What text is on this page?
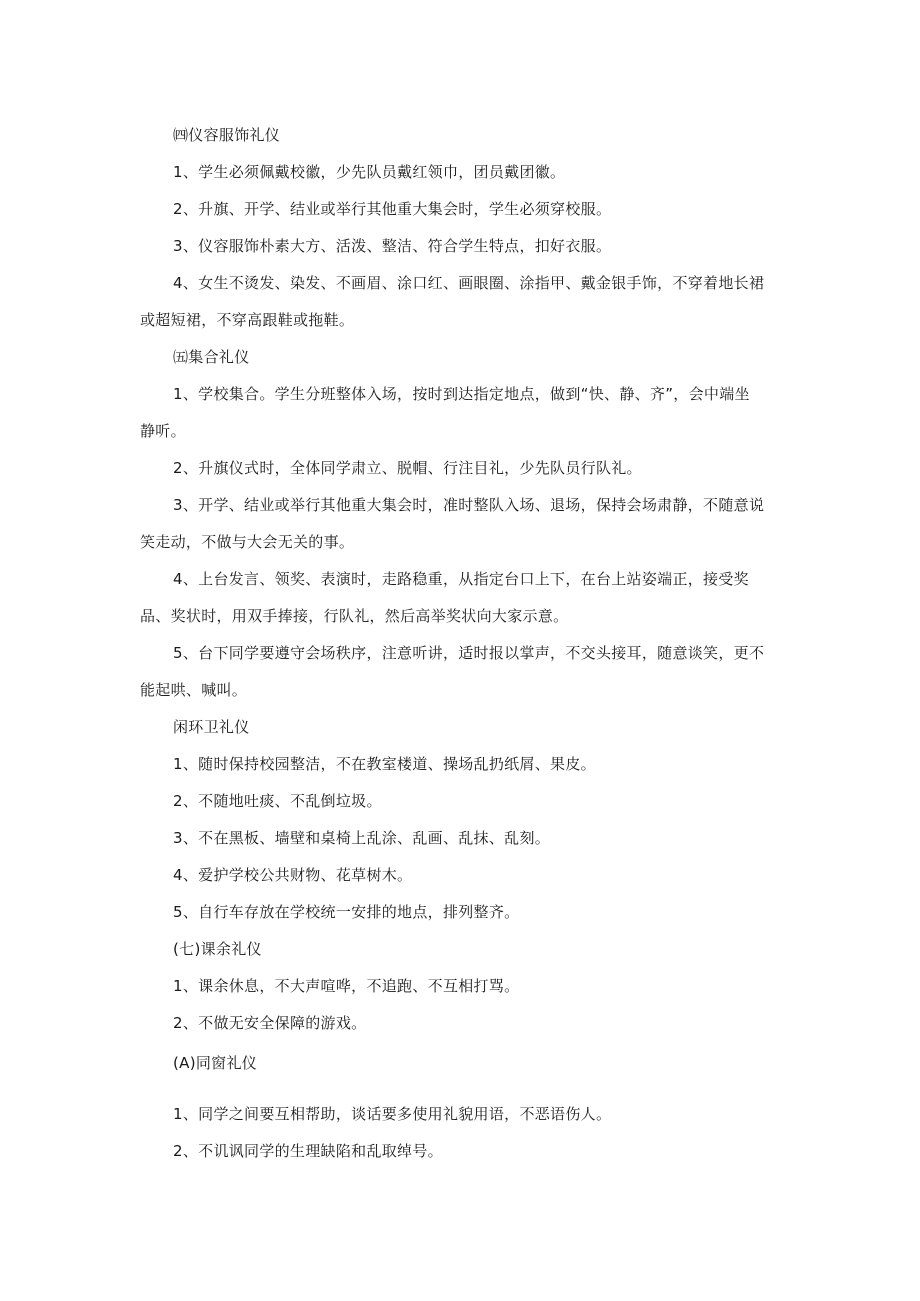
㈣仪容服饰礼仪
1、学生必须佩戴校徽，少先队员戴红领巾，团员戴团徽。
2、升旗、开学、结业或举行其他重大集会时，学生必须穿校服。
3、仪容服饰朴素大方、活泼、整洁、符合学生特点，扣好衣服。
4、女生不烫发、染发、不画眉、涂口红、画眼圈、涂指甲、戴金银手饰，不穿着地长裙
或超短裙，不穿高跟鞋或拖鞋。
㈤集合礼仪
1、学校集合。学生分班整体入场，按时到达指定地点，做到“快、静、齐”，会中端坐
静听。
2、升旗仪式时，全体同学肃立、脱帽、行注目礼，少先队员行队礼。
3、开学、结业或举行其他重大集会时，准时整队入场、退场，保持会场肃静，不随意说
笑走动，不做与大会无关的事。
4、上台发言、领奖、表演时，走路稳重，从指定台口上下，在台上站姿端正，接受奖
品、奖状时，用双手捧接，行队礼，然后高举奖状向大家示意。
5、台下同学要遵守会场秩序，注意听讲，适时报以掌声，不交头接耳，随意谈笑，更不
能起哄、喊叫。
闲环卫礼仪
1、随时保持校园整洁，不在教室楼道、操场乱扔纸屑、果皮。
2、不随地吐痰、不乱倒垃圾。
3、不在黑板、墙壁和桌椅上乱涂、乱画、乱抹、乱刻。
4、爱护学校公共财物、花草树木。
5、自行车存放在学校统一安排的地点，排列整齐。
(七)课余礼仪
1、课余休息，不大声喧哗，不追跑、不互相打骂。
2、不做无安全保障的游戏。
(A)同窗礼仪
1、同学之间要互相帮助，谈话要多使用礼貌用语，不恶语伤人。
2、不讥讽同学的生理缺陷和乱取绰号。
